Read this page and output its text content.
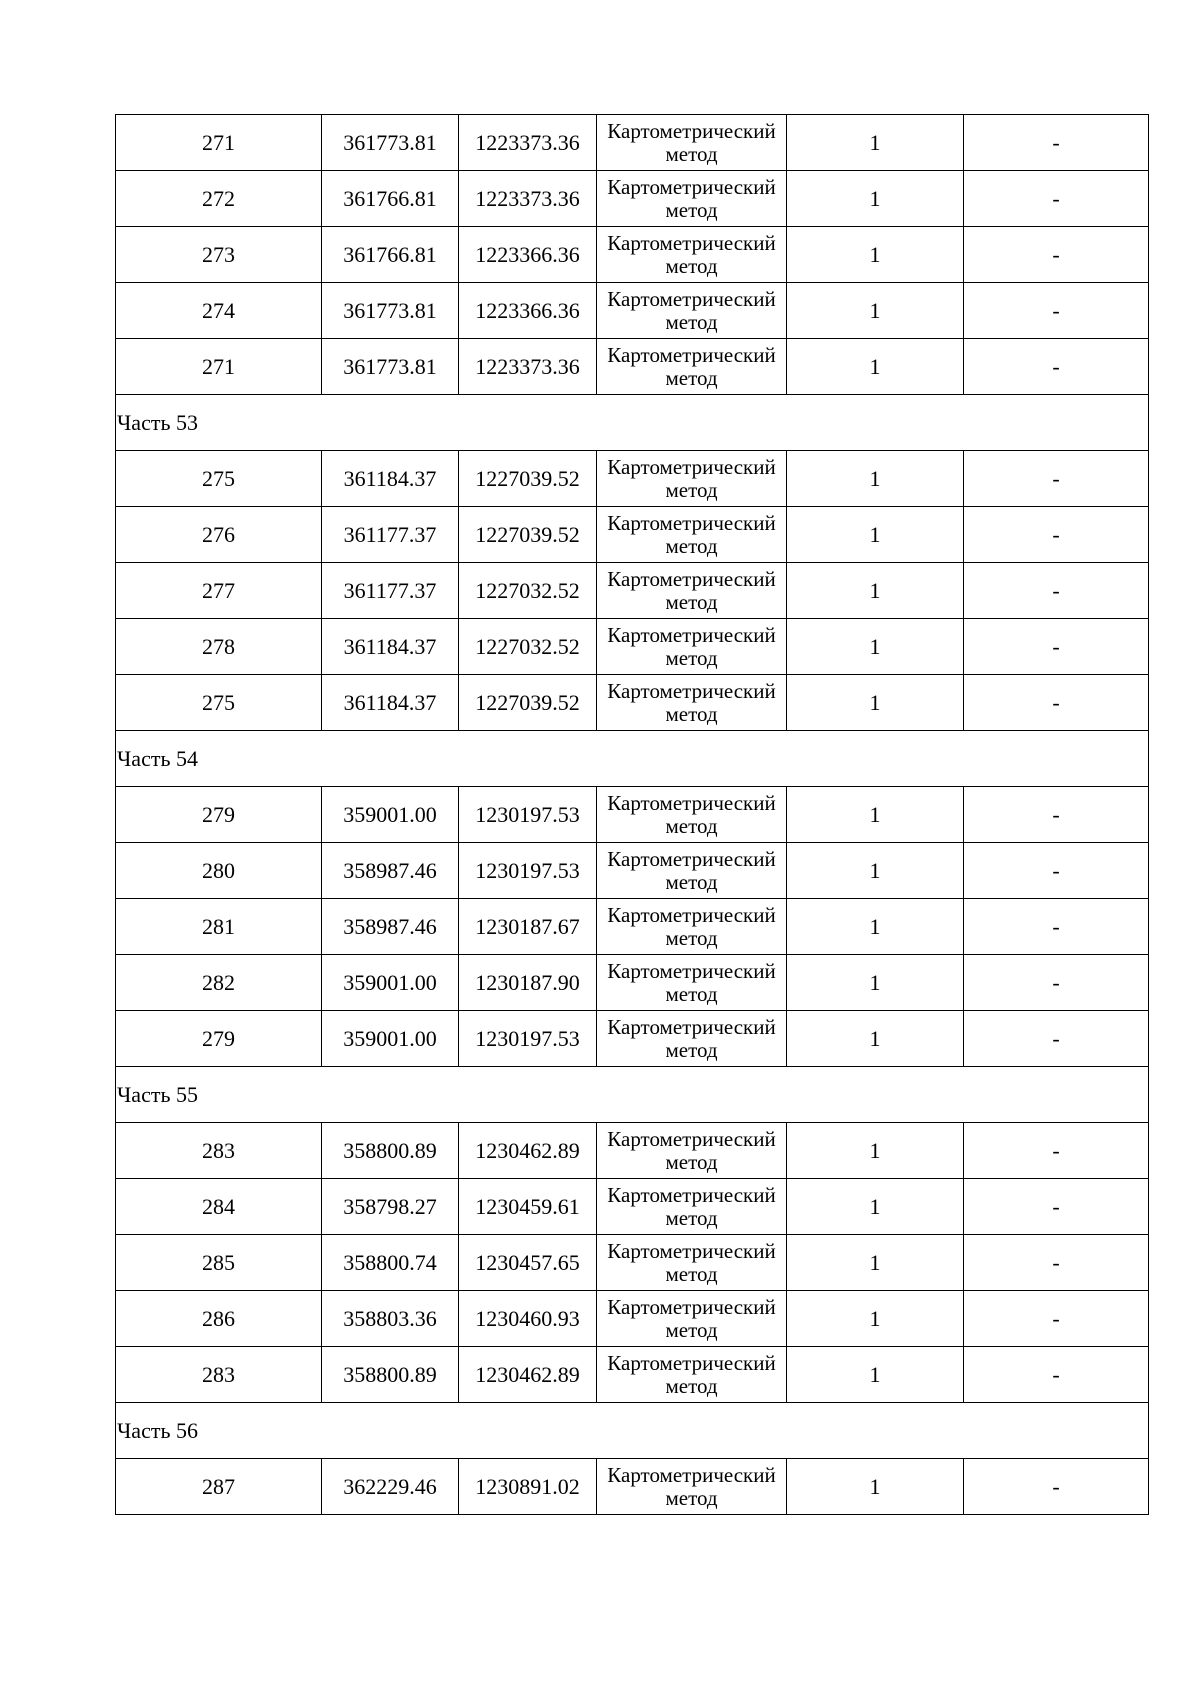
271	361773.81	1223373.36	Картометрический метод	1	-
272	361766.81	1223373.36	Картометрический метод	1	-
273	361766.81	1223366.36	Картометрический метод	1	-
274	361773.81	1223366.36	Картометрический метод	1	-
271	361773.81	1223373.36	Картометрический метод	1	-
Часть 53					
275	361184.37	1227039.52	Картометрический метод	1	-
276	361177.37	1227039.52	Картометрический метод	1	-
277	361177.37	1227032.52	Картометрический метод	1	-
278	361184.37	1227032.52	Картометрический метод	1	-
275	361184.37	1227039.52	Картометрический метод	1	-
Часть 54					
279	359001.00	1230197.53	Картометрический метод	1	-
280	358987.46	1230197.53	Картометрический метод	1	-
281	358987.46	1230187.67	Картометрический метод	1	-
282	359001.00	1230187.90	Картометрический метод	1	-
279	359001.00	1230197.53	Картометрический метод	1	-
Часть 55					
283	358800.89	1230462.89	Картометрический метод	1	-
284	358798.27	1230459.61	Картометрический метод	1	-
285	358800.74	1230457.65	Картометрический метод	1	-
286	358803.36	1230460.93	Картометрический метод	1	-
283	358800.89	1230462.89	Картометрический метод	1	-
Часть 56					
287	362229.46	1230891.02	Картометрический метод	1	-
